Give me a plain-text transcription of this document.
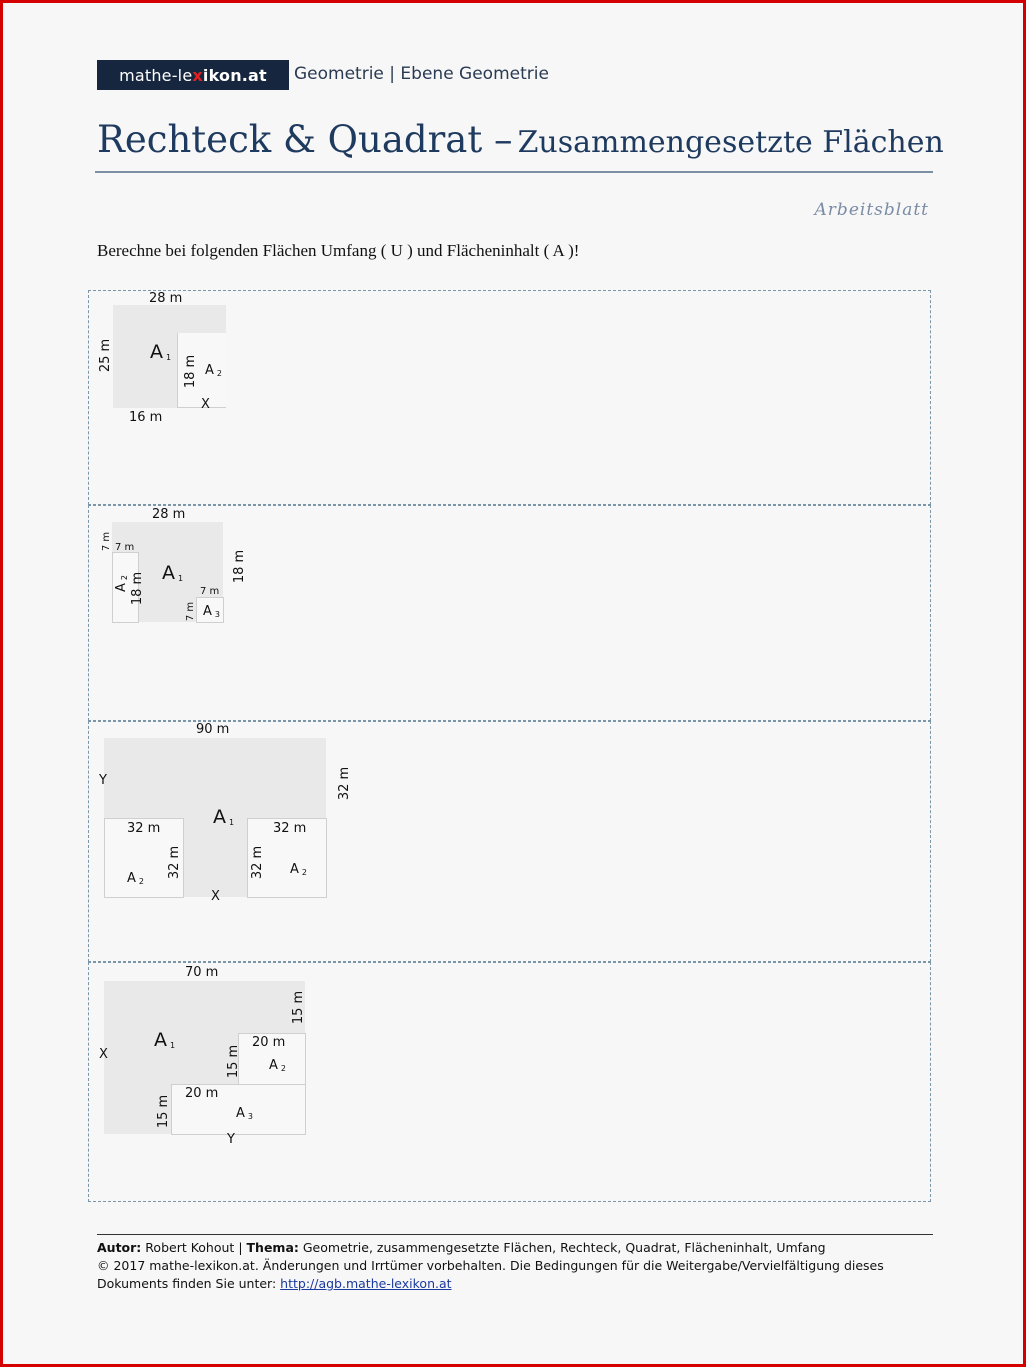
mathe-le x ikon.at Geometrie | Ebene Geometrie
Rechteck & Quadrat – Zusammengesetzte Flächen
Arbeitsblatt
Berechne bei folgenden Flächen Umfang ( U ) und Flächeninhalt ( A )!
28 m
25 m
16 m
18 m
X
A $_1$
A $_2$
28 m
7 m 7 m
18 m
18 m
7 m
7 m
A $_1$
$A_2$
A $_3$
90 m
32 m
Y
X
32 m
32 m
32 m
32 m
A $_1$
A $_2$
A $_2$
70 m
15 m
20 m
15 m
20 m
15 m
X
Y
A $_1$
A $_2$
A $_3$
Autor: Robert Kohout | Thema: Geometrie, zusammengesetzte Flächen, Rechteck, Quadrat, Flächeninhalt, Umfang
© 2017 mathe-lexikon.at. Änderungen und Irrtümer vorbehalten. Die Bedingungen für die Weitergabe/Vervielfältigung dieses Dokuments finden Sie unter: http://agb.mathe-lexikon.at
